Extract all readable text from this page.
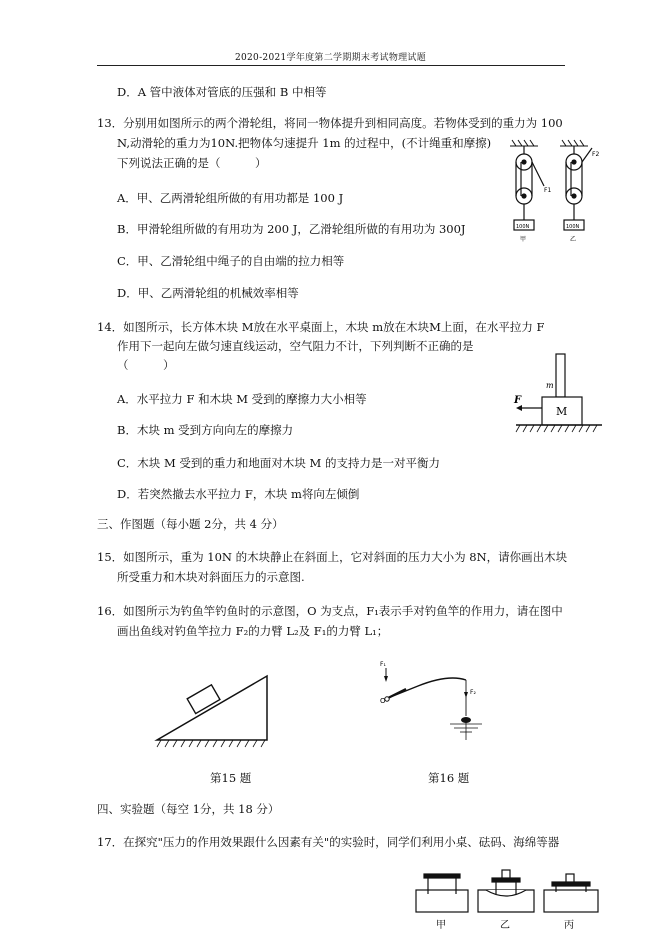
2020-2021学年度第二学期期末考试物理试题
D．A 管中液体对管底的压强和 B 中相等
13．分别用如图所示的两个滑轮组，将同一物体提升到相同高度。若物体受到的重力为 100
N,动滑轮的重力为10N.把物体匀速提升 1m 的过程中，(不计绳重和摩擦)
下列说法正确的是（　　　）
A．甲、乙两滑轮组所做的有用功都是 100 J
B．甲滑轮组所做的有用功为 200 J，乙滑轮组所做的有用功为 300J
C．甲、乙滑轮组中绳子的自由端的拉力相等
D．甲、乙两滑轮组的机械效率相等
F1
100N
甲
F2
100N
乙
14．如图所示，长方体木块 M放在水平桌面上，木块 m放在木块M上面，在水平拉力 F
作用下一起向左做匀速直线运动，空气阻力不计，下列判断不正确的是
（　　　）
A．水平拉力 F 和木块 M 受到的摩擦力大小相等
B．木块 m 受到方向向左的摩擦力
C．木块 M 受到的重力和地面对木块 M 的支持力是一对平衡力
D．若突然撤去水平拉力 F，木块 m将向左倾倒
F
m
M
三、作图题（每小题 2分，共 4 分）
15．如图所示，重为 10N 的木块静止在斜面上，它对斜面的压力大小为 8N，请你画出木块
所受重力和木块对斜面压力的示意图.
16．如图所示为钓鱼竿钓鱼时的示意图，O 为支点，F₁表示手对钓鱼竿的作用力，请在图中
画出鱼线对钓鱼竿拉力 F₂的力臂 L₂及 F₁的力臂 L₁；
F₁
O
F₂
第15 题	第16 题
四、实验题（每空 1分，共 18 分）
17．在探究"压力的作用效果跟什么因素有关"的实验时，同学们利用小桌、砝码、海绵等器
甲	乙	丙
